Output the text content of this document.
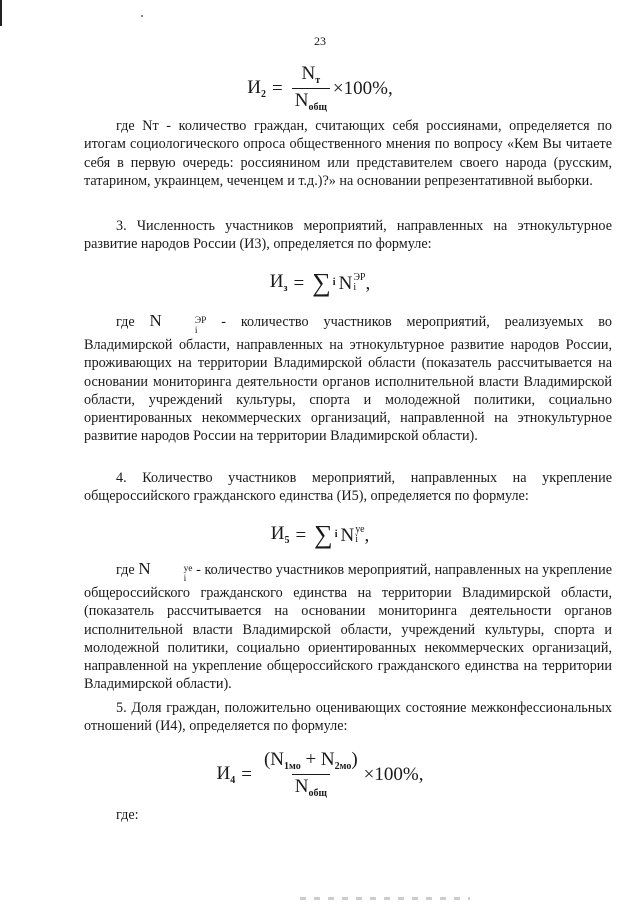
23
$И_2 = \frac{N_т}{N_{общ}} \times 100\%$,

где Nт - количество граждан, считающих себя россиянами, определяется по итогам социологического опроса общественного мнения по вопросу «Кем Вы читаете себя в первую очередь: россиянином или представителем своего народа (русским, татарином, украинцем, чеченцем и т.д.)?» на основании репрезентативной выборки.

3. Численность участников мероприятий, направленных на этнокультурное развитие народов России (И3), определяется по формуле:

$И_з$ = ∑ i N ЭР
i ,

где N	ЭР
i
- количество участников мероприятий, реализуемых во Владимирской области, направленных на этнокультурное развитие народов России, проживающих на территории Владимирской области (показатель рассчитывается на основании мониторинга деятельности органов исполнительной власти Владимирской области, учреждений культуры, спорта и молодежной политики, социально ориентированных некоммерческих организаций, направленной на этнокультурное развитие народов России на территории Владимирской области).

4. Количество участников мероприятий, направленных на укрепление общероссийского гражданского единства (И5), определяется по формуле:

$И_5$ = ∑ i N уе
i ,

где N	уе
i
- количество участников мероприятий, направленных на укрепление общероссийского гражданского единства на территории Владимирской области, (показатель рассчитывается на основании мониторинга деятельности органов исполнительной власти Владимирской области, учреждений культуры, спорта и молодежной политики, социально ориентированных некоммерческих организаций, направленной на укрепление общероссийского гражданского единства на территории Владимирской области).

5. Доля граждан, положительно оценивающих состояние межконфессиональных отношений (И4), определяется по формуле:

$И_4 = \frac{(N_{1мо} + N_{2мо})}{N_{общ}} \times 100\%$,

где:
